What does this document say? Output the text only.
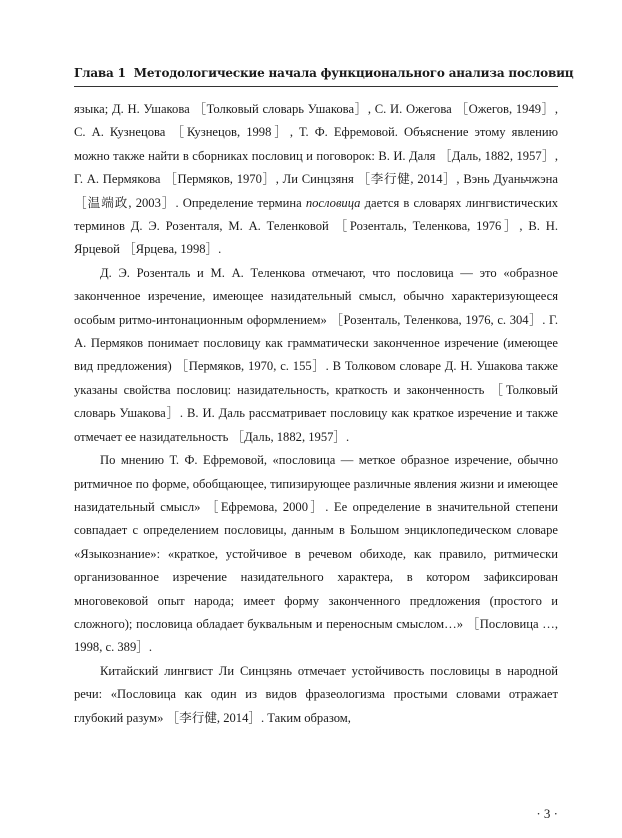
Глава 1 Методологические начала функционального анализа пословиц

языка; Д. Н. Ушакова ［Толковый словарь Ушакова］, С. И. Ожегова ［Ожегов, 1949］, С. А. Кузнецова ［Кузнецов, 1998］, Т. Ф. Ефремовой. Объяснение этому явлению можно также найти в сборниках пословиц и поговорок: В. И. Даля ［Даль, 1882, 1957］, Г. А. Пермякова ［Пермяков, 1970］, Ли Синцзяня ［李行健, 2014］, Вэнь Дуаньчжэна ［温端政, 2003］. Определение термина пословица дается в словарях лингвистических терминов Д. Э. Розенталя, М. А. Теленковой ［Розенталь, Теленкова, 1976］, В. Н. Ярцевой ［Ярцева, 1998］.

Д. Э. Розенталь и М. А. Теленкова отмечают, что пословица — это «образное законченное изречение, имеющее назидательный смысл, обычно характеризующееся особым ритмо-интонационным оформлением» ［Розенталь, Теленкова, 1976, с. 304］. Г. А. Пермяков понимает пословицу как грамматически законченное изречение (имеющее вид предложения) ［Пермяков, 1970, с. 155］. В Толковом словаре Д. Н. Ушакова также указаны свойства пословиц: назидательность, краткость и законченность ［Толковый словарь Ушакова］. В. И. Даль рассматривает пословицу как краткое изречение и также отмечает ее назидательность ［Даль, 1882, 1957］.

По мнению Т. Ф. Ефремовой, «пословица — меткое образное изречение, обычно ритмичное по форме, обобщающее, типизирующее различные явления жизни и имеющее назидательный смысл» ［Ефремова, 2000］. Ее определение в значительной степени совпадает с определением пословицы, данным в Большом энциклопедическом словаре «Языкознание»: «краткое, устойчивое в речевом обиходе, как правило, ритмически организованное изречение назидательного характера, в котором зафиксирован многовековой опыт народа; имеет форму законченного предложения (простого и сложного); пословица обладает буквальным и переносным смыслом…» ［Пословица …, 1998, с. 389］.

Китайский лингвист Ли Синцзянь отмечает устойчивость пословицы в народной речи: «Пословица как один из видов фразеологизма простыми словами отражает глубокий разум» ［李行健, 2014］. Таким образом,

· 3 ·
